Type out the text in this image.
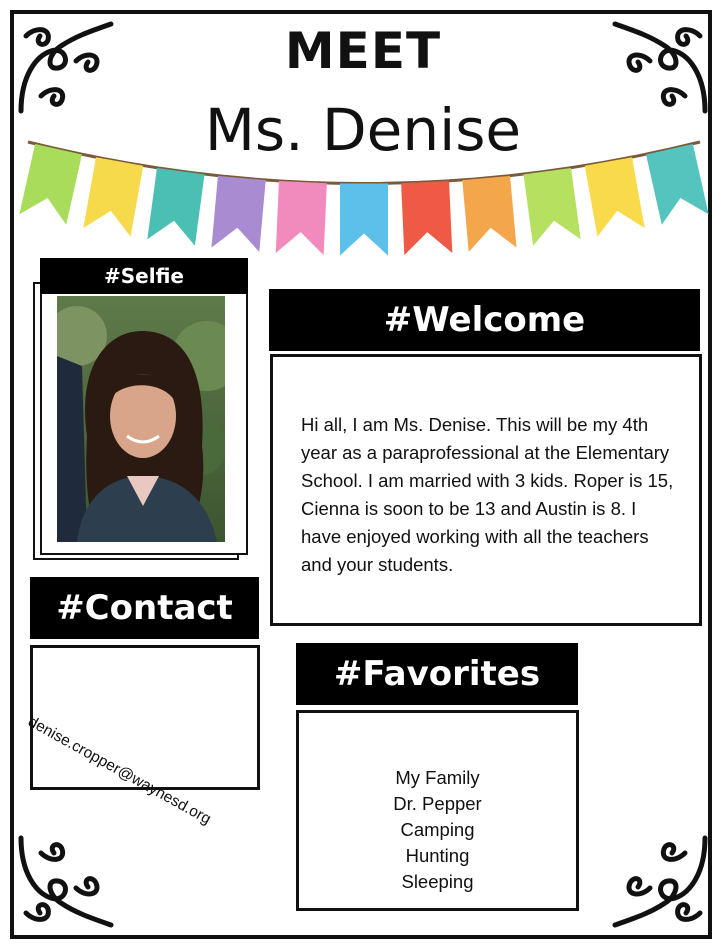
MEET
Ms. Denise
#Selfie
#Welcome
Hi all, I am Ms. Denise. This will be my 4th year as a paraprofessional at the Elementary School. I am married with 3 kids. Roper is 15, Cienna is soon to be 13 and Austin is 8. I have enjoyed working with all the teachers and your students.
#Contact
denise.cropper@waynesd.org
#Favorites
My Family
Dr. Pepper
Camping
Hunting
Sleeping
